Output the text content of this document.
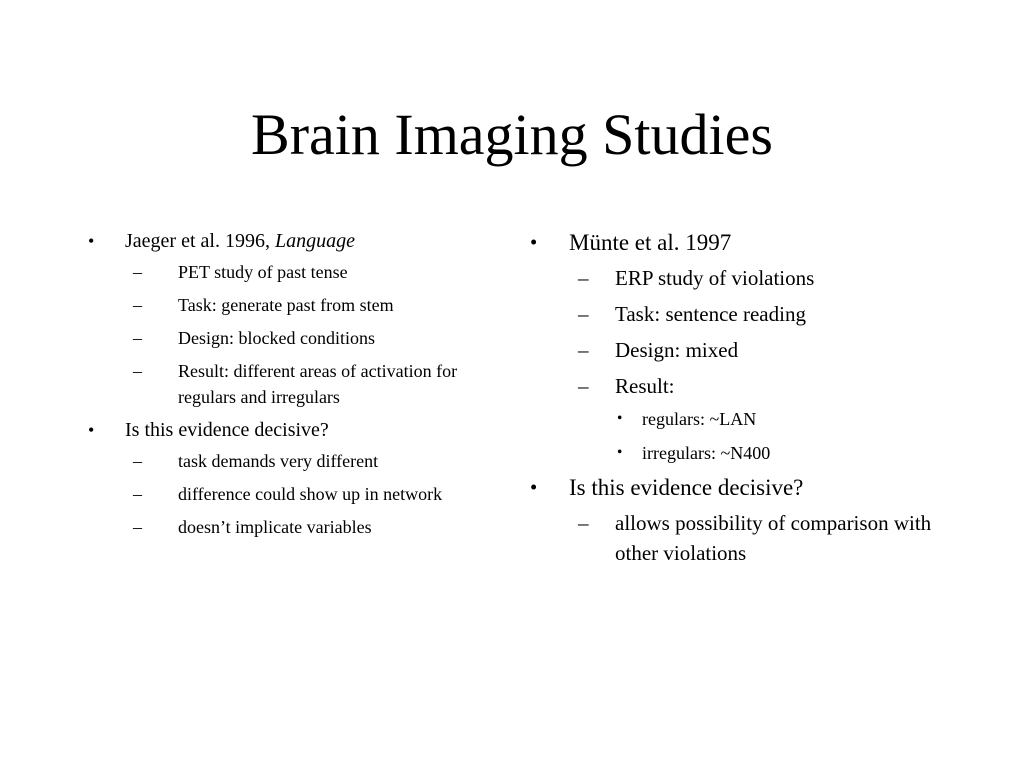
Brain Imaging Studies
• Jaeger et al. 1996, Language
– PET study of past tense
– Task: generate past from stem
– Design: blocked conditions
– Result: different areas of activation for regulars and irregulars
• Is this evidence decisive?
– task demands very different
– difference could show up in network
– doesn’t implicate variables
• Münte et al. 1997
– ERP study of violations
– Task: sentence reading
– Design: mixed
– Result:
• regulars: ~LAN
• irregulars: ~N400
• Is this evidence decisive?
– allows possibility of comparison with other violations
